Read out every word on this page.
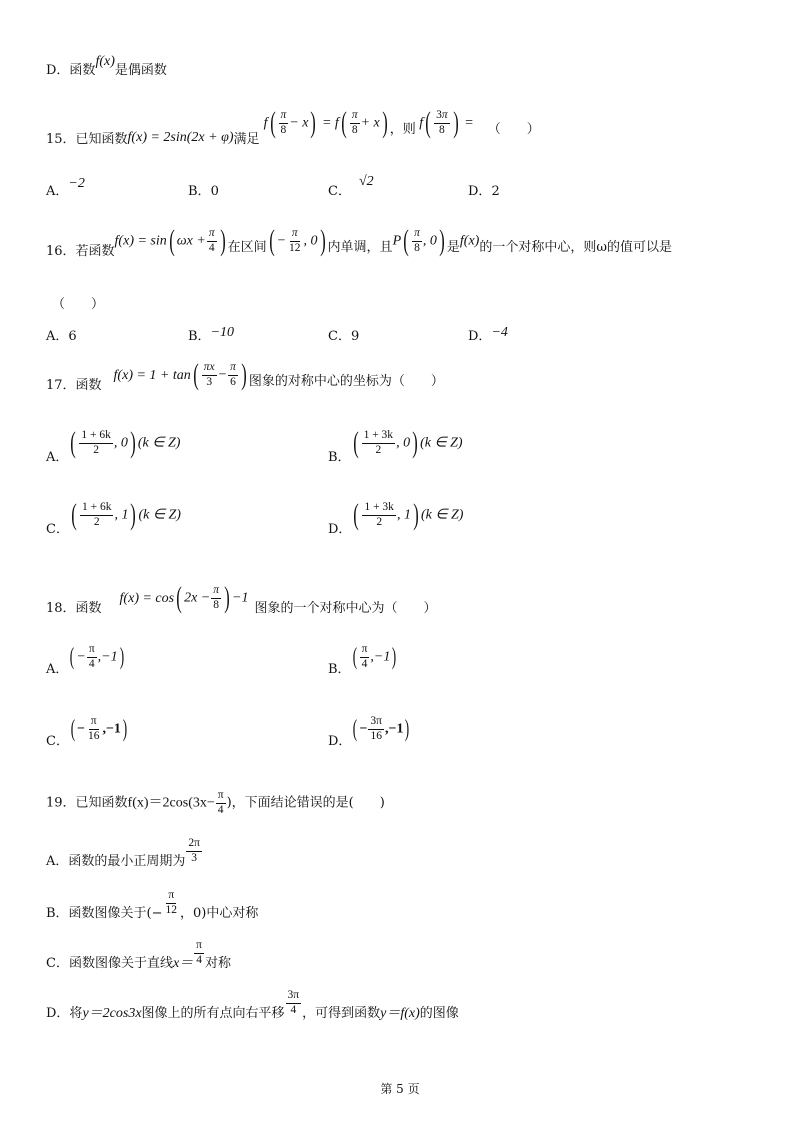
D．函数f(x)是偶函数
15．已知函数f(x) = 2sin(2x + φ)满足 $f( \frac{\pi}{8} - x) = f( \frac{\pi}{8} + x)$ ，则 $f( \frac{3\pi}{8}$ ) = （　　）
A．−2
B．0	C．√2
D．2
16．若函数f(x) = sin( $\omega x + \frac{\pi}{4}$ ) 在区间( − $\frac{\pi}{12}$ , 0) 内单调，且$P( \frac{\pi}{8}$ , 0) 是f(x)的一个对称中心，则ω的值可以是
（　　）
A．6	B．−10	C．9	D．−4
17．函数$f(x) = 1 + \tan( \frac{\pi x}{3} - \frac{\pi}{6}$ ) 图象的对称中心的坐标为（　　）
A．( $\frac{1 + 6k}{2}$ , 0) (k ∈ Z)
B．( $\frac{1 + 3k}{2}$ , 0) (k ∈ Z)
C．( $\frac{1 + 6k}{2}$ , 1) (k ∈ Z)
D．( $\frac{1 + 3k}{2}$ , 1) (k ∈ Z)
18．函数f(x) = cos( $2x - \frac{\pi}{8}$ ) −1图象的一个对称中心为（　　）
A．( − $\frac{\pi}{4} ,-1$)	B．( $\frac{\pi}{4} ,-1$)
C．( − $\frac{\pi}{16} ,-1$)	D．( − $\frac{3\pi}{16} ,-1$)
19．已知函数$f(x)=2\cos(3x- \frac{\pi}{4}$ )，下面结论错误的是(　　)
A．函数的最小正周期为 $\frac{2\pi}{3}$
B．函数图像关于(− $\frac{\pi}{12}$ ，0)中心对称
C．函数图像关于直线$x= \frac{\pi}{4}$ 对称
D．将y＝2cos3x图像上的所有点向右平移 $\frac{3\pi}{4}$ ，可得到函数y＝f(x)的图像
第 5 页
